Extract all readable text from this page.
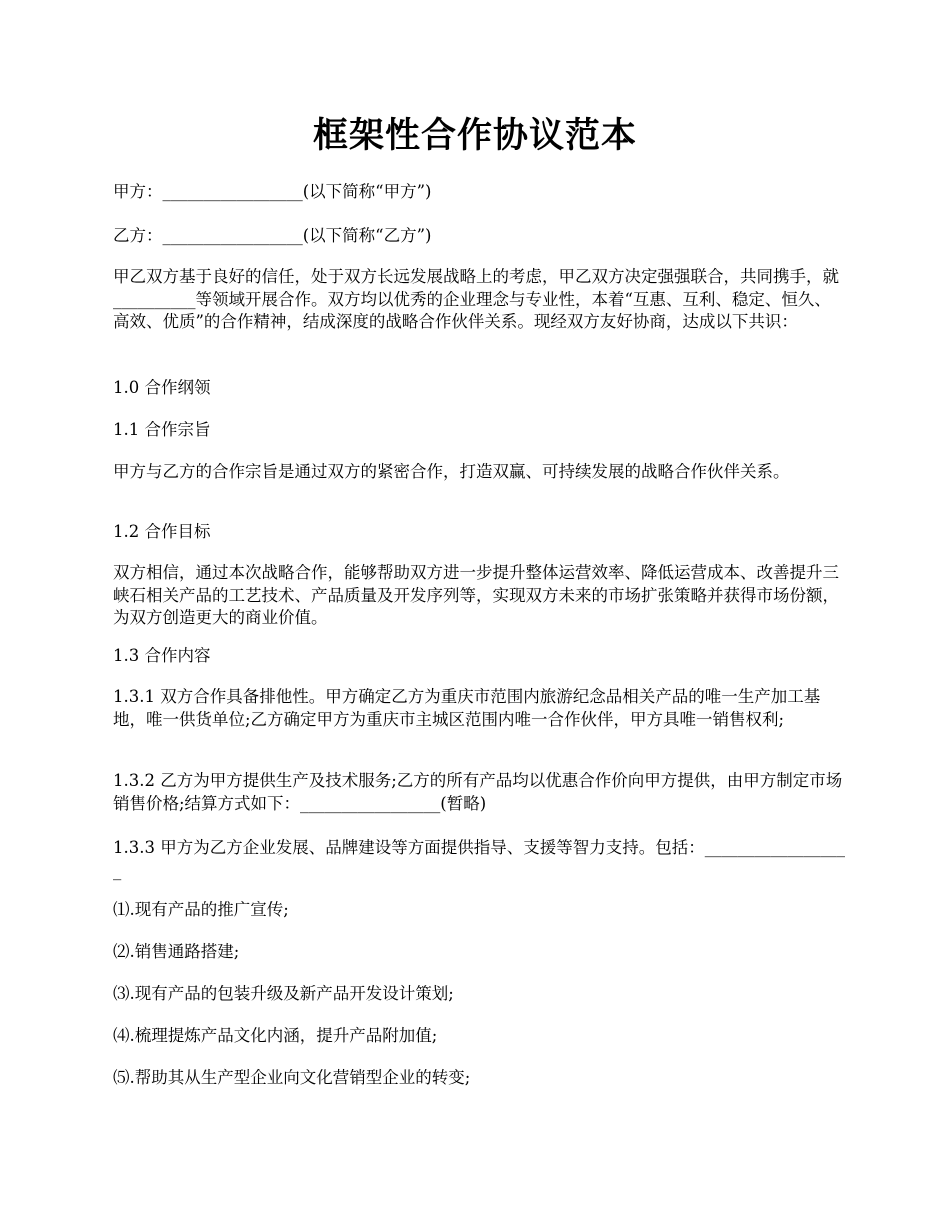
框架性合作协议范本

甲方：_________________(以下简称“甲方”)

乙方：_________________(以下简称“乙方”)

甲乙双方基于良好的信任，处于双方长远发展战略上的考虑，甲乙双方决定强强联合，共同携手，就__________等领域开展合作。双方均以优秀的企业理念与专业性，本着“互惠、互利、稳定、恒久、高效、优质”的合作精神，结成深度的战略合作伙伴关系。现经双方友好协商，达成以下共识：

1.0 合作纲领

1.1 合作宗旨

甲方与乙方的合作宗旨是通过双方的紧密合作，打造双赢、可持续发展的战略合作伙伴关系。

1.2 合作目标

双方相信，通过本次战略合作，能够帮助双方进一步提升整体运营效率、降低运营成本、改善提升三峡石相关产品的工艺技术、产品质量及开发序列等，实现双方未来的市场扩张策略并获得市场份额，为双方创造更大的商业价值。

1.3 合作内容

1.3.1 双方合作具备排他性。甲方确定乙方为重庆市范围内旅游纪念品相关产品的唯一生产加工基地，唯一供货单位;乙方确定甲方为重庆市主城区范围内唯一合作伙伴，甲方具唯一销售权利;

1.3.2 乙方为甲方提供生产及技术服务;乙方的所有产品均以优惠合作价向甲方提供，由甲方制定市场销售价格;结算方式如下：_________________(暂略)

1.3.3 甲方为乙方企业发展、品牌建设等方面提供指导、支援等智力支持。包括：__________________

⑴.现有产品的推广宣传;

⑵.销售通路搭建;

⑶.现有产品的包装升级及新产品开发设计策划;

⑷.梳理提炼产品文化内涵，提升产品附加值;

⑸.帮助其从生产型企业向文化营销型企业的转变;
